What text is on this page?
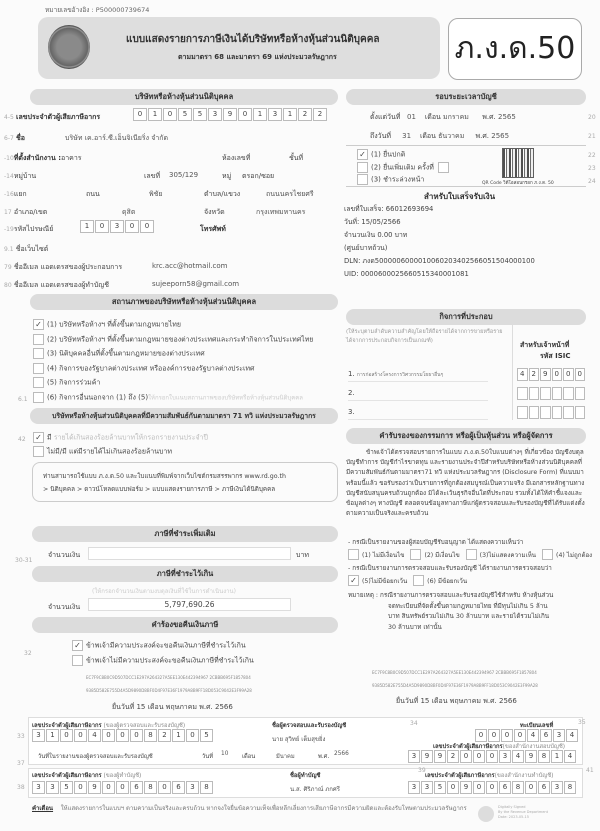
หมายเลขอ้างอิง : P500000739674
แบบแสดงรายการภาษีเงินได้บริษัทหรือห้างหุ้นส่วนนิติบุคคล
ตามมาตรา 68 และมาตรา 69 แห่งประมวลรัษฎากร	ภ.ง.ด.50
บริษัทหรือห้างหุ้นส่วนนิติบุคคล
4-5 เลขประจำตัวผู้เสียภาษีอากร	0 1 0 5 5 3 9 0 1 3 1 2 2
6-7 ชื่อ	บริษัท เค.อาร์.ซี.เอ็นจิเนียริ่ง จำกัด
-10ที่ตั้งสำนักงาน :อาคาร	ห้องเลขที่	ชั้นที่
-14หมู่บ้าน	เลขที่ 305/129	หมู่ ตรอก/ซอย
-16แยก	ถนน	พิชัย	ตำบล/แขวง	ถนนนครไชยศรี
17 อำเภอ/เขต	ดุสิต	จังหวัด	กรุงเทพมหานคร
-19รหัสไปรษณีย์	1 0 3 0 0	โทรศัพท์
9.1 ชื่อเว็บไซต์
79 ชื่ออีเมล แอดเดรสของผู้ประกอบการ	krc.acc@hotmail.com
80 ชื่ออีเมล แอดเดรสของผู้ทำบัญชี	sujeeporn58@gmail.com
สถานภาพของบริษัทหรือห้างหุ้นส่วนนิติบุคคล
✓ (1) บริษัทหรือห้างฯ ที่ตั้งขึ้นตามกฎหมายไทย
(2) บริษัทหรือห้างฯ ที่ตั้งขึ้นตามกฎหมายของต่างประเทศและกระทำกิจการในประเทศไทย
(3) นิติบุคคลอื่นที่ตั้งขึ้นตามกฎหมายของต่างประเทศ
(4) กิจการของรัฐบาลต่างประเทศ หรือองค์การของรัฐบาลต่างประเทศ
(5) กิจการร่วมค้า
(6) กิจการอื่นนอกจาก (1) ถึง (5)ให้กรอกใบแนบสถานภาพของบริษัทหรือห้างหุ้นส่วนนิติบุคคล
6.1
บริษัทหรือห้างหุ้นส่วนนิติบุคคลที่มีความสัมพันธ์กันตามมาตรา 71 ทวิ แห่งประมวลรัษฎากร
42 ✓ มี รายได้เกินสองร้อยล้านบาทให้กรอกรายงานประจำปี
ไม่มี/มี แต่มีรายได้ไม่เกินสองร้อยล้านบาท
ท่านสามารถใช้แบบ ภ.ง.ด.50 และใบแนบที่พิมพ์จากเว็บไซต์กรมสรรพากร www.rd.go.th
> นิติบุคคล > ดาวน์โหลดแบบฟอร์ม > แบบแสดงรายการภาษี > ภาษีเงินได้นิติบุคคล
ภาษีที่ชำระเพิ่มเติม
30-31
จำนวนเงิน	บาท
ภาษีที่ชำระไว้เกิน
(ให้กรอกจำนวนเงินตามงบดุลเงินที่ใช้ในการดำเนินงาน)
จำนวนเงิน	5,797,690.26
คำร้องขอคืนเงินภาษี
32
✓ ข้าพเจ้ามีความประสงค์จะขอคืนเงินภาษีที่ชำระไว้เกิน
ข้าพเจ้าไม่มีความประสงค์จะขอคืนเงินภาษีที่ชำระไว้เกิน
EC7F9C8B0C9D507DCC1E297A264327A5EE130E442394967 2CBBB695F1857804
9385D582E755D4A5D9890D8BF0D4F97E36F1979A8B9FF18D053C9042E3F99A28
ยื่นวันที่ 15 เดือน พฤษภาคม พ.ศ. 2566
รอบระยะเวลาบัญชี
ตั้งแต่วันที่ 01 เดือน มกราคม พ.ศ. 2565
ถึงวันที่ 31 เดือน ธันวาคม พ.ศ. 2565
20
21
✓ (1) ยื่นปกติ
(2) ยื่นเพิ่มเติม ครั้งที่
(3) ชำระล่วงหน้า
22
23
24
QR Code วิดีโอสอนกรอก ภ.ง.ด. 50
สำหรับใบเสร็จรับเงิน
เลขที่ใบเสร็จ: 66012693694
วันที่: 15/05/2566
จำนวนเงิน 0.00 บาท
(ศูนย์บาทถ้วน)
DLN: ภงด500000600001006020340256605150400010​0
UID: 000060002566051534000108​1
กิจการที่ประกอบ
(ให้ระบุตามลำดับความสำคัญโดยให้ถือรายได้จากการขายหรือรายได้จากการประกอบกิจการเป็นเกณฑ์)	สำหรับเจ้าหน้าที่
รหัส ISIC
1. การก่อสร้างโครงการวิศวกรรมโยธาอื่นๆ	4 2 9 0 0 0
2.
3.
คำรับรองของกรรมการ หรือผู้เป็นหุ้นส่วน หรือผู้จัดการ
ข้าพเจ้าได้ตรวจสอบรายการในแบบ ภ.ง.ด.50ใบแนบต่างๆ ที่เกี่ยวข้อง บัญชีงบดุล บัญชีทำการ บัญชีกำไรขาดทุน และรายงานประจำปีสำหรับบริษัทหรือห้างส่วนนิติบุคคลที่มีความสัมพันธ์กันตามมาตรา71 ทวิ แห่งประมวลรัษฎากร (Disclosure Form) ที่แนบมาพร้อมนี้แล้ว ขอรับรองว่าเป็นรายการที่ถูกต้องสมบูรณ์เป็นความจริง มีเอกสารหลักฐานทางบัญชีสนับสนุนครบถ้วนถูกต้อง มิได้ละเว้นธุรกิจอื่นใดที่ประกอบ รวมทั้งได้ให้คำชี้แจงและข้อมูลต่างๆ ทางบัญชี ตลอดจนข้อมูลทางภาษีแก่ผู้ตรวจสอบและรับรองบัญชีที่ได้รับแต่งตั้งตามความเป็นจริงและครบถ้วน
- กรณีเป็นรายงานของผู้สอบบัญชีรับอนุญาต ได้แสดงความเห็นว่า
(1) ไม่มีเงื่อนไข	(2) มีเงื่อนไข	(3)ไม่แสดงความเห็น	(4) ไม่ถูกต้อง
- กรณีเป็นรายงานการตรวจสอบและรับรองบัญชี ได้รายงานการตรวจสอบว่า
✓ (5)ไม่มีข้อยกเว้น	(6) มีข้อยกเว้น
หมายเหตุ : กรณีรายงานการตรวจสอบและรับรองบัญชีใช้สำหรับ ห้างหุ้นส่วนจดทะเบียนที่จัดตั้งขึ้นตามกฎหมายไทย ที่มีทุนไม่เกิน 5 ล้านบาท สินทรัพย์รวมไม่เกิน 30 ล้านบาท และรายได้รวมไม่เกิน 30 ล้านบาท เท่านั้น
EC7F9C8B0C9D507DCC1E297A264327A5EE130E442394967 2CBBB695F1857804
9385D582E755D4A5D9890D8BF0D4F97E36F1979A8B9FF18D053C9042E3F99A28
ยื่นวันที่ 15 เดือน พฤษภาคม พ.ศ. 2566
เลขประจำตัวผู้เสียภาษีอากร (ของผู้ตรวจสอบและรับรองบัญชี)
33	3 1 0 0 4 0 0 0 8 2 1 0 5
ชื่อผู้ตรวจสอบและรับรองบัญชี
นาย สุวิทย์ เต็มสุขยิ่ง
34	ทะเบียนเลขที่	35
0 0 0 0 4 6 3 4
37
วันที่ในรายงานของผู้ตรวจสอบและรับรองบัญชี	วันที่ 10 เดือน	มีนาคม	พ.ศ. 2566
เลขประจำตัวผู้เสียภาษีอากร(ของสำนักงานสอบบัญชี)
3 9 9 2 0 0 0 3 4 9 8 1 4
เลขประจำตัวผู้เสียภาษีอากร (ของผู้ทำบัญชี)
38	3 3 5 0 9 0 0 6 8 0 6 3 8
ชื่อผู้ทำบัญชี
น.ส. ศิริภาณ์ ภกศรี
39
เลขประจำตัวผู้เสียภาษีอากร(ของสำนักงานทำบัญชี)
41
3 3 5 0 9 0 0 6 8 0 6 3 8
คำเตือน ให้แสดงรายการในแบบฯ ตามความเป็นจริงและครบถ้วน หากจงใจยื่นข้อความเท็จเพื่อหลีกเลี่ยงการเสียภาษีอากรมีความผิดและต้องรับโทษตามประมวลรัษฎากร	Digitally Signed
By the Revenue Department
Date: 2023-05-15
